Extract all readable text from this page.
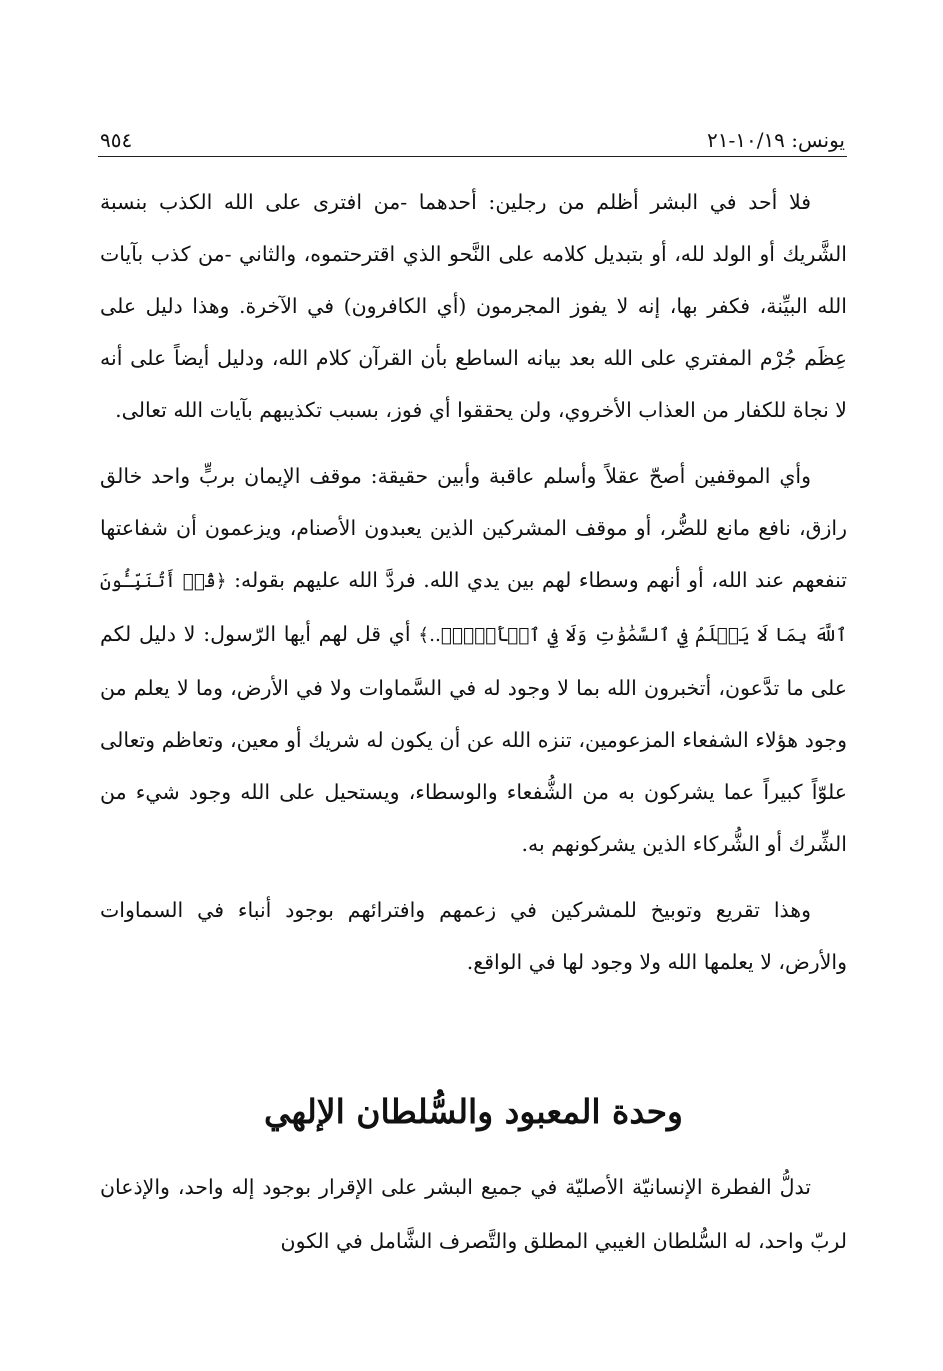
يونس: ١٠/١٩-٢١
٩٥٤

فلا أحد في البشر أظلم من رجلين: أحدهما -من افترى على الله الكذب بنسبة الشَّريك أو الولد لله، أو بتبديل كلامه على النَّحو الذي اقترحتموه، والثاني -من كذب بآيات الله البيِّنة، فكفر بها، إنه لا يفوز المجرمون (أي الكافرون) في الآخرة. وهذا دليل على عِظَم جُرْم المفتري على الله بعد بيانه الساطع بأن القرآن كلام الله، ودليل أيضاً على أنه لا نجاة للكفار من العذاب الأخروي، ولن يحققوا أي فوز، بسبب تكذيبهم بآيات الله تعالى.

وأي الموقفين أصحّ عقلاً وأسلم عاقبة وأبين حقيقة: موقف الإيمان بربٍّ واحد خالق رازق، نافع مانع للضُّر، أو موقف المشركين الذين يعبدون الأصنام، ويزعمون أن شفاعتها تنفعهم عند الله، أو أنهم وسطاء لهم بين يدي الله. فردَّ الله عليهم بقوله: ﴿قُلۡ أَتُنَبِّـُٔونَ ٱللَّهَ بِمَا لَا يَعۡلَمُ فِي ٱلسَّمَٰوَٰتِ وَلَا فِي ٱلۡأَرۡضِۚ..﴾ أي قل لهم أيها الرّسول: لا دليل لكم على ما تدَّعون، أتخبرون الله بما لا وجود له في السَّماوات ولا في الأرض، وما لا يعلم من وجود هؤلاء الشفعاء المزعومين، تنزه الله عن أن يكون له شريك أو معين، وتعاظم وتعالى علوّاً كبيراً عما يشركون به من الشُّفعاء والوسطاء، ويستحيل على الله وجود شيء من الشِّرك أو الشُّركاء الذين يشركونهم به.

وهذا تقريع وتوبيخ للمشركين في زعمهم وافترائهم بوجود أنباء في السماوات والأرض، لا يعلمها الله ولا وجود لها في الواقع.

وحدة المعبود والسُّلطان الإلهي

تدلُّ الفطرة الإنسانيّة الأصليّة في جميع البشر على الإقرار بوجود إله واحد، والإذعان لربّ واحد، له السُّلطان الغيبي المطلق والتَّصرف الشَّامل في الكون
